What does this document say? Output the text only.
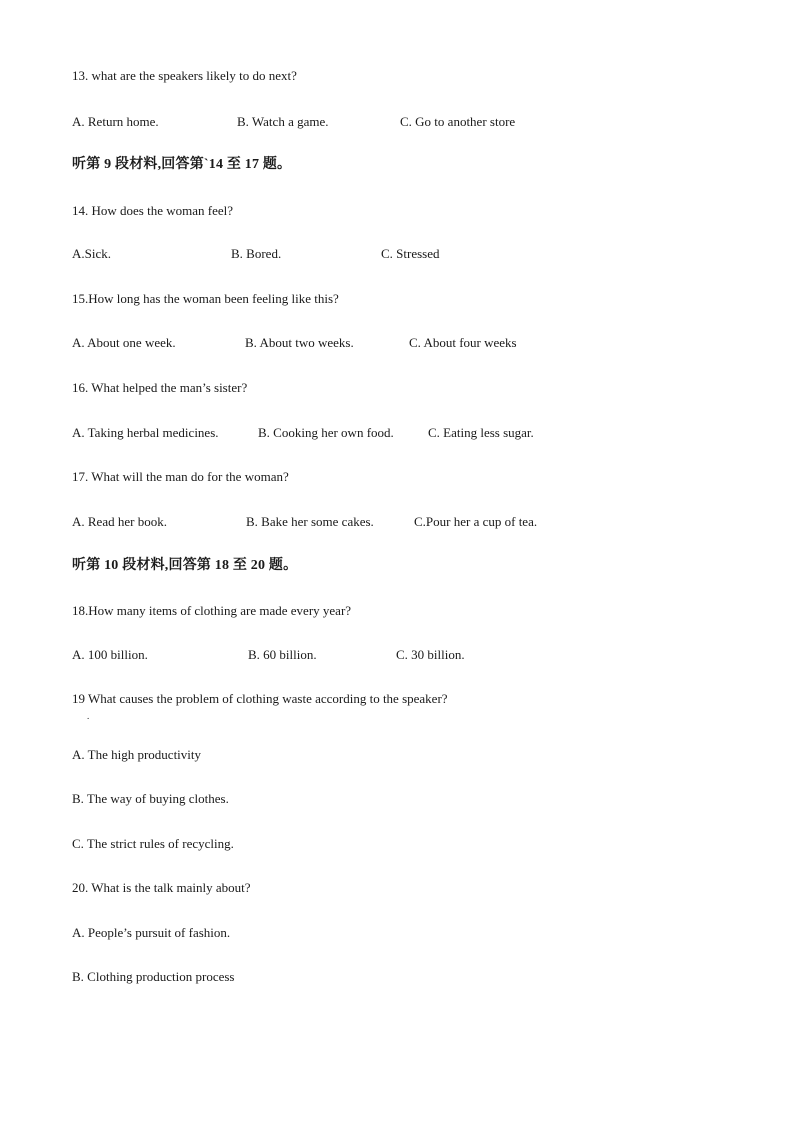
13. what are the speakers likely to do next?
A. Return home.	B. Watch a game.	C. Go to another store
听第 9 段材料,回答第`14 至 17 题。
14. How does the woman feel?
A.Sick.	B. Bored.	C. Stressed
15.How long has the woman been feeling like this?
A. About one week.	B. About two weeks.	C. About four weeks
16. What helped the man’s sister?
A. Taking herbal medicines.	B. Cooking her own food.	C. Eating less sugar.
17. What will the man do for the woman?
A. Read her book.	B. Bake her some cakes.	C.Pour her a cup of tea.
听第 10 段材料,回答第 18 至 20 题。
18.How many items of clothing are made every year?
A. 100 billion.	B. 60 billion.	C. 30 billion.
19 What causes the problem of clothing waste according to the speaker?
.
A. The high productivity
B. The way of buying clothes.
C. The strict rules of recycling.
20. What is the talk mainly about?
A. People’s pursuit of fashion.
B. Clothing production process
